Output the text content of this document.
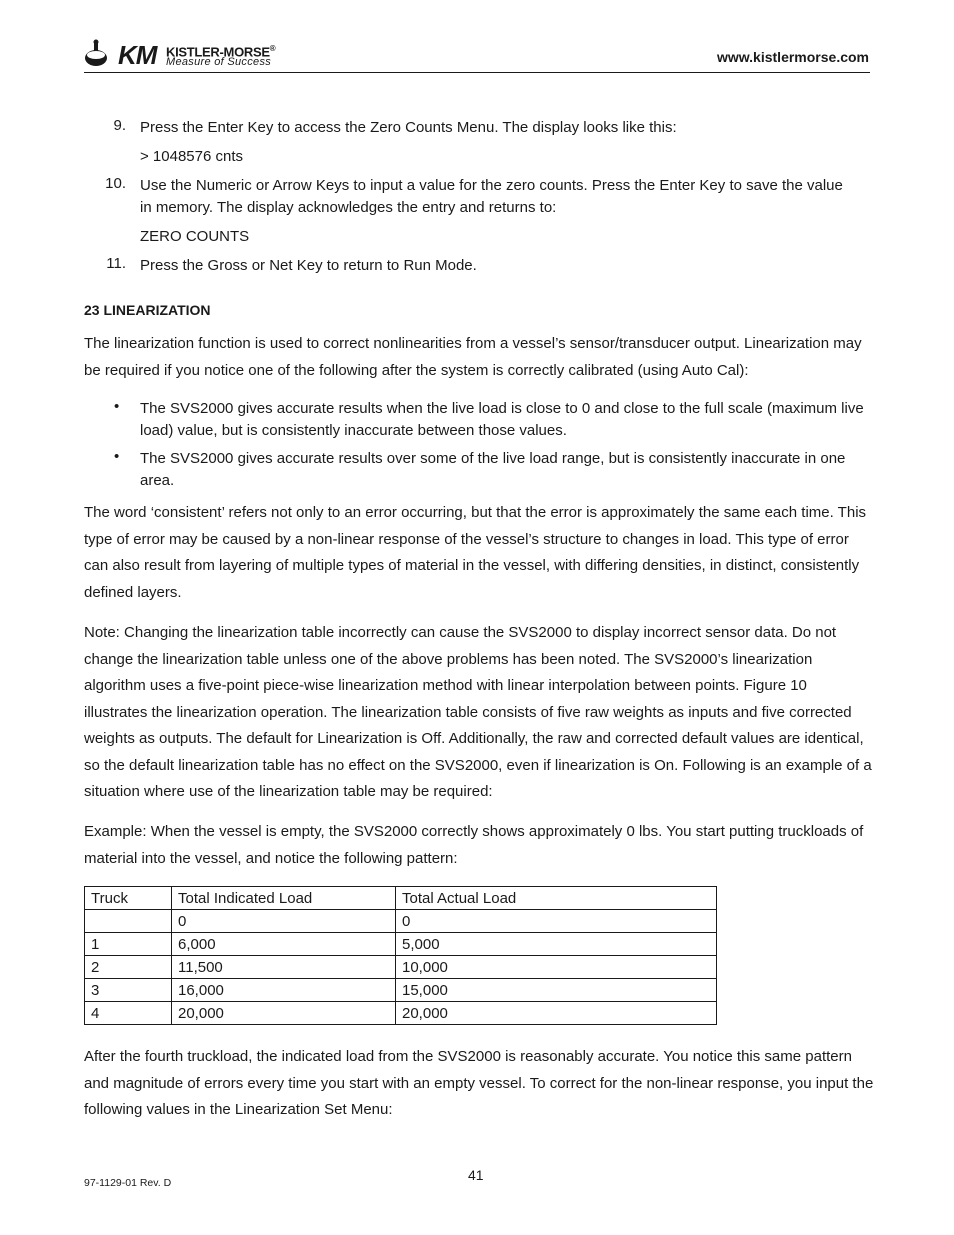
KM KISTLER-MORSE®
Measure of Success	www.kistlermorse.com
9. Press the Enter Key to access the Zero Counts Menu. The display looks like this:
> 1048576 cnts
10. Use the Numeric or Arrow Keys to input a value for the zero counts. Press the Enter Key to save the value in memory. The display acknowledges the entry and returns to:
ZERO COUNTS
11. Press the Gross or Net Key to return to Run Mode.
23 LINEARIZATION
The linearization function is used to correct nonlinearities from a vessel’s sensor/transducer output. Linearization may be required if you notice one of the following after the system is correctly calibrated (using Auto Cal):
• The SVS2000 gives accurate results when the live load is close to 0 and close to the full scale (maximum live load) value, but is consistently inaccurate between those values.
• The SVS2000 gives accurate results over some of the live load range, but is consistently inaccurate in one area.
The word ‘consistent’ refers not only to an error occurring, but that the error is approximately the same each time. This type of error may be caused by a non-linear response of the vessel’s structure to changes in load. This type of error can also result from layering of multiple types of material in the vessel, with differing densities, in distinct, consistently defined layers.
Note: Changing the linearization table incorrectly can cause the SVS2000 to display incorrect sensor data. Do not change the linearization table unless one of the above problems has been noted. The SVS2000’s linearization algorithm uses a five-point piece-wise linearization method with linear interpolation between points. Figure 10 illustrates the linearization operation. The linearization table consists of five raw weights as inputs and five corrected weights as outputs. The default for Linearization is Off. Additionally, the raw and corrected default values are identical, so the default linearization table has no effect on the SVS2000, even if linearization is On. Following is an example of a situation where use of the linearization table may be required:
Example: When the vessel is empty, the SVS2000 correctly shows approximately 0 lbs. You start putting truckloads of material into the vessel, and notice the following pattern:
Truck	Total Indicated Load	Total Actual Load
	0	0
1	6,000	5,000
2	11,500	10,000
3	16,000	15,000
4	20,000	20,000
After the fourth truckload, the indicated load from the SVS2000 is reasonably accurate. You notice this same pattern and magnitude of errors every time you start with an empty vessel. To correct for the non-linear response, you input the following values in the Linearization Set Menu:
97-1129-01 Rev. D	41
